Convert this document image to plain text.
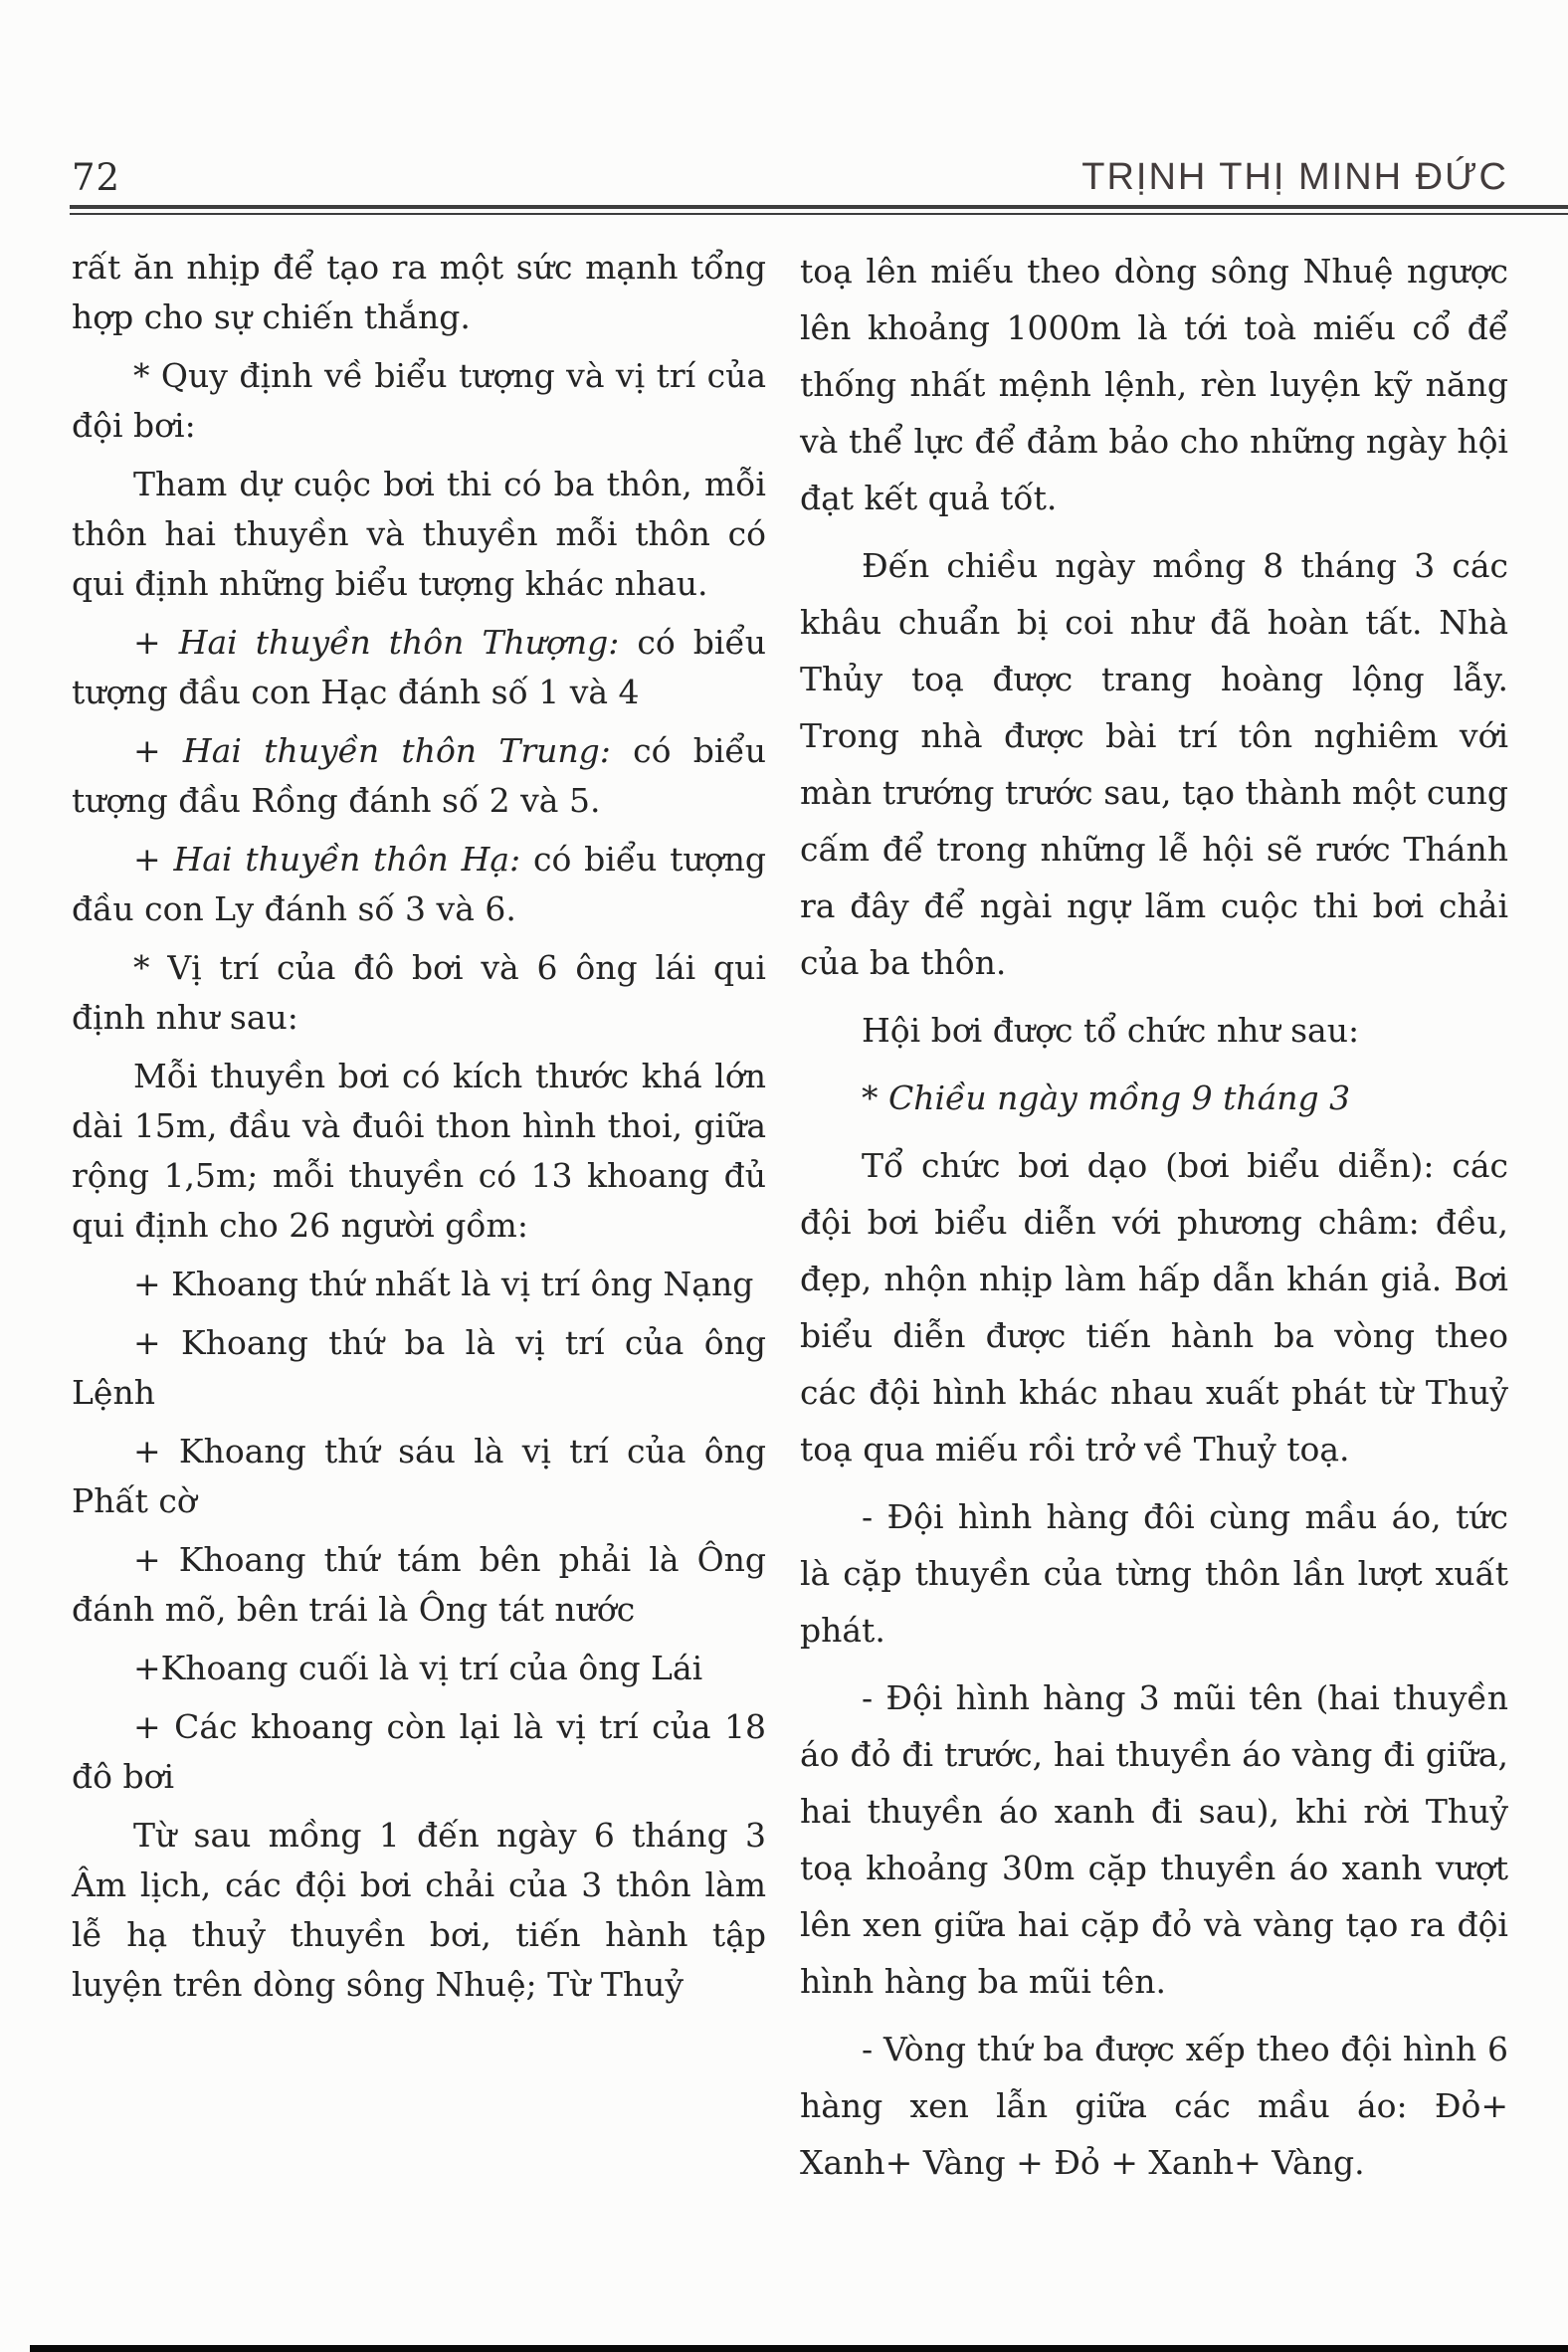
72	TRỊNH THỊ MINH ĐỨC

rất ăn nhịp để tạo ra một sức mạnh tổng hợp cho sự chiến thắng.

* Quy định về biểu tượng và vị trí của đội bơi:

Tham dự cuộc bơi thi có ba thôn, mỗi thôn hai thuyền và thuyền mỗi thôn có qui định những biểu tượng khác nhau.

+ Hai thuyền thôn Thượng: có biểu tượng đầu con Hạc đánh số 1 và 4

+ Hai thuyền thôn Trung: có biểu tượng đầu Rồng đánh số 2 và 5.

+ Hai thuyền thôn Hạ: có biểu tượng đầu con Ly đánh số 3 và 6.

* Vị trí của đô bơi và 6 ông lái qui định như sau:

Mỗi thuyền bơi có kích thước khá lớn dài 15m, đầu và đuôi thon hình thoi, giữa rộng 1,5m; mỗi thuyền có 13 khoang đủ qui định cho 26 người gồm:

+ Khoang thứ nhất là vị trí ông Nạng

+ Khoang thứ ba là vị trí của ông Lệnh

+ Khoang thứ sáu là vị trí của ông Phất cờ

+ Khoang thứ tám bên phải là Ông đánh mõ, bên trái là Ông tát nước

+Khoang cuối là vị trí của ông Lái

+ Các khoang còn lại là vị trí của 18 đô bơi

Từ sau mồng 1 đến ngày 6 tháng 3 Âm lịch, các đội bơi chải của 3 thôn làm lễ hạ thuỷ thuyền bơi, tiến hành tập luyện trên dòng sông Nhuệ; Từ Thuỷ

toạ lên miếu theo dòng sông Nhuệ ngược lên khoảng 1000m là tới toà miếu cổ để thống nhất mệnh lệnh, rèn luyện kỹ năng và thể lực để đảm bảo cho những ngày hội đạt kết quả tốt.

Đến chiều ngày mồng 8 tháng 3 các khâu chuẩn bị coi như đã hoàn tất. Nhà Thủy toạ được trang hoàng lộng lẫy. Trong nhà được bài trí tôn nghiêm với màn trướng trước sau, tạo thành một cung cấm để trong những lễ hội sẽ rước Thánh ra đây để ngài ngự lãm cuộc thi bơi chải của ba thôn.

Hội bơi được tổ chức như sau:

* Chiều ngày mồng 9 tháng 3

Tổ chức bơi dạo (bơi biểu diễn): các đội bơi biểu diễn với phương châm: đều, đẹp, nhộn nhịp làm hấp dẫn khán giả. Bơi biểu diễn được tiến hành ba vòng theo các đội hình khác nhau xuất phát từ Thuỷ toạ qua miếu rồi trở về Thuỷ toạ.

- Đội hình hàng đôi cùng mầu áo, tức là cặp thuyền của từng thôn lần lượt xuất phát.

- Đội hình hàng 3 mũi tên (hai thuyền áo đỏ đi trước, hai thuyền áo vàng đi giữa, hai thuyền áo xanh đi sau), khi rời Thuỷ toạ khoảng 30m cặp thuyền áo xanh vượt lên xen giữa hai cặp đỏ và vàng tạo ra đội hình hàng ba mũi tên.

- Vòng thứ ba được xếp theo đội hình 6 hàng xen lẫn giữa các mầu áo: Đỏ+ Xanh+ Vàng + Đỏ + Xanh+ Vàng.
